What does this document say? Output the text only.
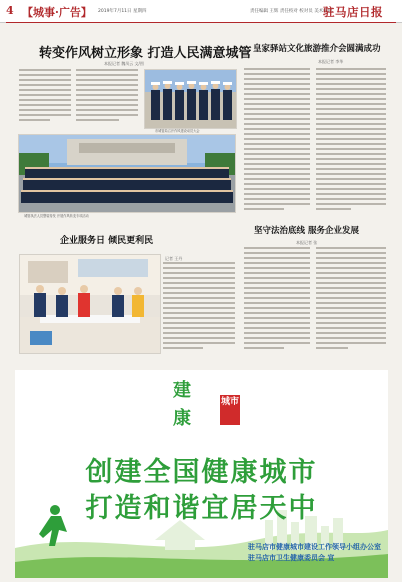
4 【城事·广告】 2019年7月11日 星期四	责任编辑 王辉 责任校对 校对员 美术编辑
驻马店日报
转变作风树立形象 打造人民满意城管
本报记者 魏凤云 文/图
市城管局召开作风建设动员大会
城管执法人员整装待发 开展作风转变专项活动
皇家驿站文化旅游推介会圆满成功
本报记者 李华
企业服务日 倾民更利民
记者 王丹
坚守法治底线 服务企业发展
本报记者 张
建
康
城市
创建全国健康城市
打造和谐宜居天中
驻马店市健康城市建设工作领导小组办公室
驻马店市卫生健康委员会 宣
